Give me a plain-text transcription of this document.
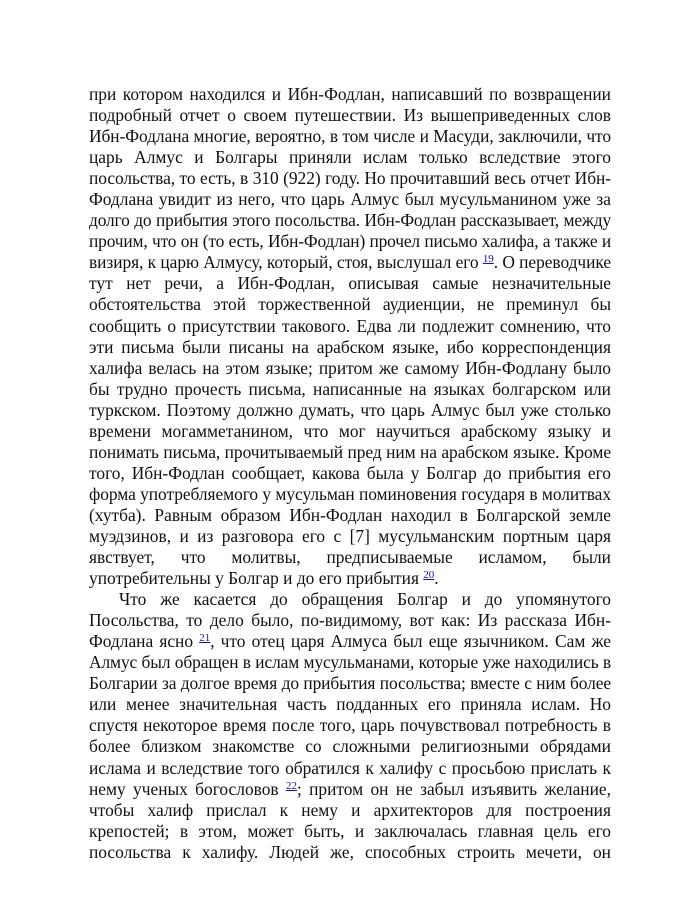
при котором находился и Ибн-Фодлан, написавший по возвращении
подробный отчет о своем путешествии. Из вышеприведенных слов
Ибн-Фодлана многие, вероятно, в том числе и Масуди, заключили, что
царь Алмус и Болгары приняли ислам только вследствие этого
посольства, то есть, в 310 (922) году. Но прочитавший весь отчет Ибн-
Фодлана увидит из него, что царь Алмус был мусульманином уже за
долго до прибытия этого посольства. Ибн-Фодлан рассказывает, между
прочим, что он (то есть, Ибн-Фодлан) прочел письмо халифа, а также и
визиря, к царю Алмусу, который, стоя, выслушал его $^{19}$. О переводчике
тут нет речи, а Ибн-Фодлан, описывая самые незначительные
обстоятельства этой торжественной аудиенции, не преминул бы
сообщить о присутствии такового. Едва ли подлежит сомнению, что
эти письма были писаны на арабском языке, ибо корреспонденция
халифа велась на этом языке; притом же самому Ибн-Фодлану было
бы трудно прочесть письма, написанные на языках болгарском или
туркском. Поэтому должно думать, что царь Алмус был уже столько
времени могамметанином, что мог научиться арабскому языку и
понимать письма, прочитываемый пред ним на арабском языке. Кроме
того, Ибн-Фодлан сообщает, какова была у Болгар до прибытия его
форма употребляемого у мусульман поминовения государя в молитвах
(хутба). Равным образом Ибн-Фодлан находил в Болгарской земле
муэдзинов, и из разговора его с [7] мусульманским портным царя
явствует, что молитвы, предписываемые исламом, были
употребительны у Болгар и до его прибытия $^{20}$.
Что же касается до обращения Болгар и до упомянутого
Посольства, то дело было, по-видимому, вот как: Из рассказа Ибн-
Фодлана ясно $^{21}$, что отец царя Алмуса был еще язычником. Сам же
Алмус был обращен в ислам мусульманами, которые уже находились в
Болгарии за долгое время до прибытия посольства; вместе с ним более
или менее значительная часть подданных его приняла ислам. Но
спустя некоторое время после того, царь почувствовал потребность в
более близком знакомстве со сложными религиозными обрядами
ислама и вследствие того обратился к халифу с просьбою прислать к
нему ученых богословов $^{22}$; притом он не забыл изъявить желание,
чтобы халиф прислал к нему и архитекторов для построения
крепостей; в этом, может быть, и заключалась главная цель его
посольства к халифу. Людей же, способных строить мечети, он
